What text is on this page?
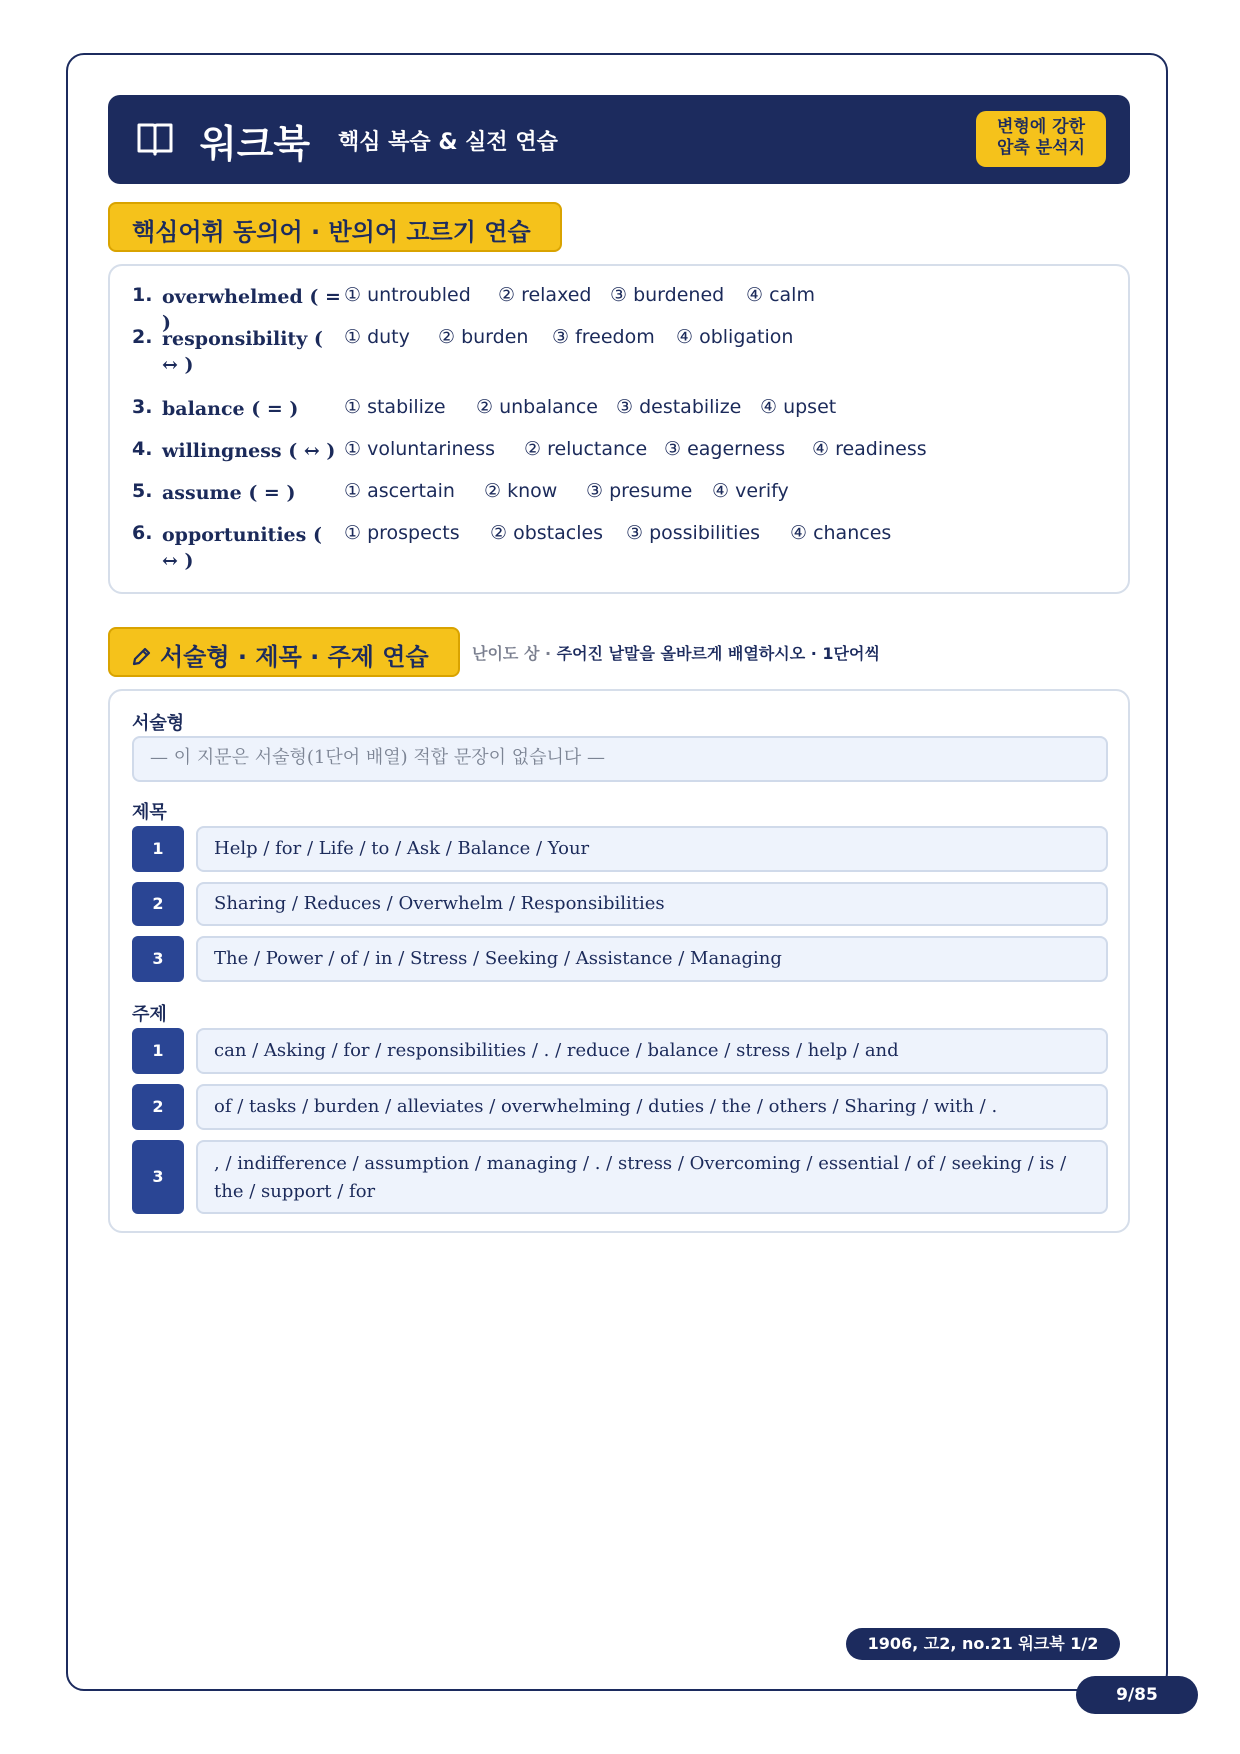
워크북 핵심 복습 & 실전 연습
변형에 강한
압축 분석지
핵심어휘 동의어 · 반의어 고르기 연습
1. overwhelmed ( = )
① untroubled ② relaxed ③ burdened ④ calm
2. responsibility ( ↔ )
① duty ② burden ③ freedom ④ obligation
3. balance ( = )	① stabilize ② unbalance ③ destabilize ④ upset
4. willingness ( ↔ ) ① voluntariness ② reluctance ③ eagerness ④ readiness
5. assume ( = )	① ascertain ② know ③ presume ④ verify
6. opportunities ( ↔ )
① prospects ② obstacles ③ possibilities ④ chances
서술형 · 제목 · 주제 연습	난이도 상 · 주어진 낱말을 올바르게 배열하시오 · 1단어씩
서술형
— 이 지문은 서술형(1단어 배열) 적합 문장이 없습니다 —
제목
1	Help / for / Life / to / Ask / Balance / Your
2	Sharing / Reduces / Overwhelm / Responsibilities
3	The / Power / of / in / Stress / Seeking / Assistance / Managing
주제
1	can / Asking / for / responsibilities / . / reduce / balance / stress / help / and
2	of / tasks / burden / alleviates / overwhelming / duties / the / others / Sharing / with / .
3
, / indifference / assumption / managing / . / stress / Overcoming / essential / of / seeking / is / the / support / for
1906, 고2, no.21 워크북 1/2
9/85
